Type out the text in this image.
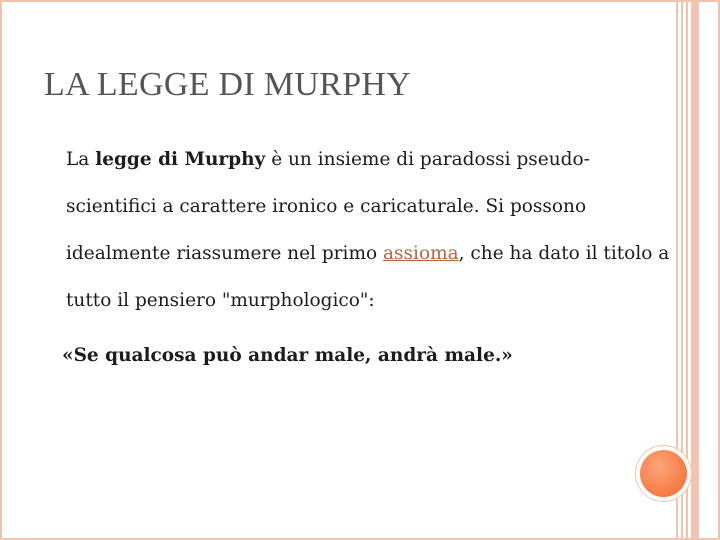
LA LEGGE DI MURPHY

La legge di Murphy è un insieme di paradossi pseudo-scientifici a carattere ironico e caricaturale. Si possono idealmente riassumere nel primo assioma, che ha dato il titolo a tutto il pensiero "murphologico":

«Se qualcosa può andar male, andrà male.»
